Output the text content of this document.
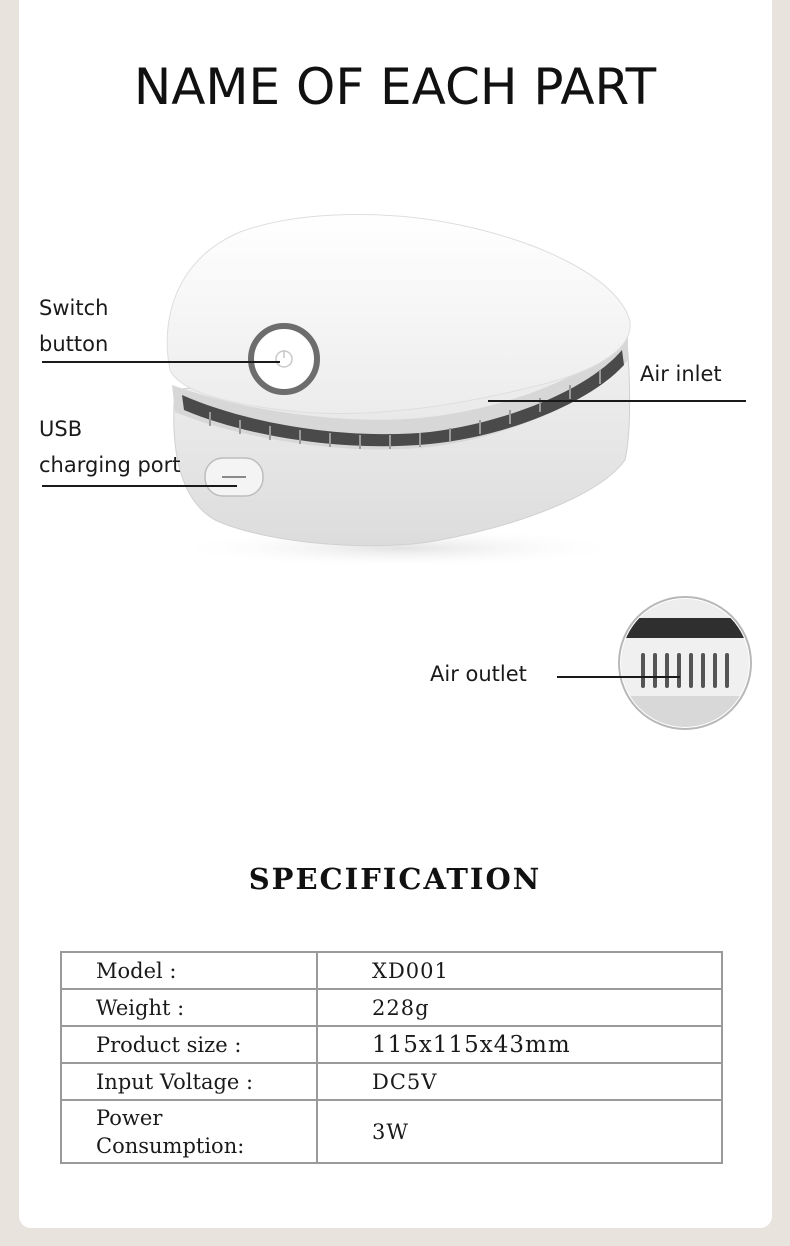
NAME OF EACH PART
Switch
button
USB
charging port
Air inlet
Air outlet
SPECIFICATION
Model :	XD001
Weight :	228g
Product size :	115x115x43mm
Input Voltage :	DC5V

Power
Consumption:	3W
